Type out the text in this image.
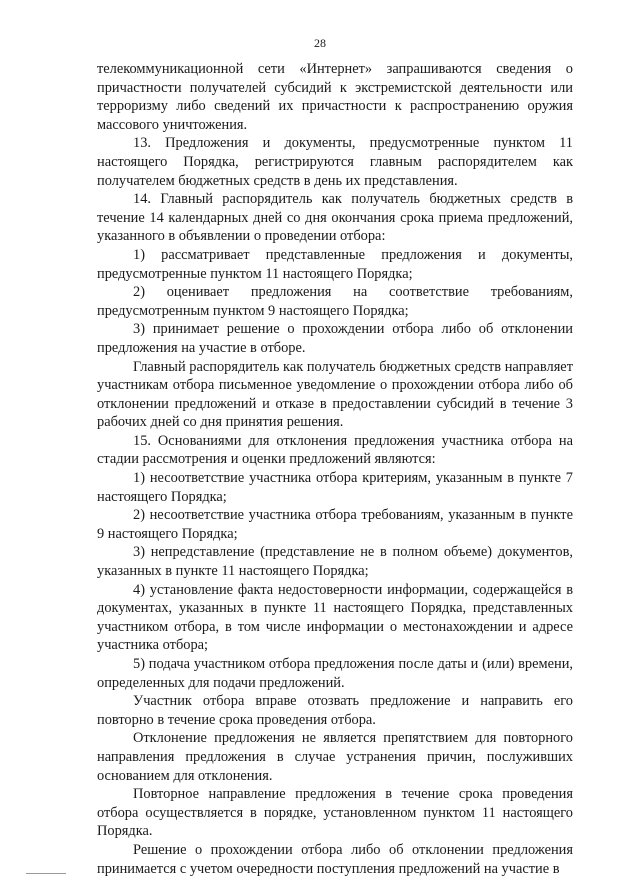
28

телекоммуникационной сети «Интернет» запрашиваются сведения о причастности получателей субсидий к экстремистской деятельности или терроризму либо сведений их причастности к распространению оружия массового уничтожения.

13. Предложения и документы, предусмотренные пунктом 11 настоящего Порядка, регистрируются главным распорядителем как получателем бюджетных средств в день их представления.

14. Главный распорядитель как получатель бюджетных средств в течение 14 календарных дней со дня окончания срока приема предложений, указанного в объявлении о проведении отбора:

1) рассматривает представленные предложения и документы, предусмотренные пунктом 11 настоящего Порядка;

2) оценивает предложения на соответствие требованиям, предусмотренным пунктом 9 настоящего Порядка;

3) принимает решение о прохождении отбора либо об отклонении предложения на участие в отборе.

Главный распорядитель как получатель бюджетных средств направляет участникам отбора письменное уведомление о прохождении отбора либо об отклонении предложений и отказе в предоставлении субсидий в течение 3 рабочих дней со дня принятия решения.

15. Основаниями для отклонения предложения участника отбора на стадии рассмотрения и оценки предложений являются:

1) несоответствие участника отбора критериям, указанным в пункте 7 настоящего Порядка;

2) несоответствие участника отбора требованиям, указанным в пункте 9 настоящего Порядка;

3) непредставление (представление не в полном объеме) документов, указанных в пункте 11 настоящего Порядка;

4) установление факта недостоверности информации, содержащейся в документах, указанных в пункте 11 настоящего Порядка, представленных участником отбора, в том числе информации о местонахождении и адресе участника отбора;

5) подача участником отбора предложения после даты и (или) времени, определенных для подачи предложений.

Участник отбора вправе отозвать предложение и направить его повторно в течение срока проведения отбора.

Отклонение предложения не является препятствием для повторного направления предложения в случае устранения причин, послуживших основанием для отклонения.

Повторное направление предложения в течение срока проведения отбора осуществляется в порядке, установленном пунктом 11 настоящего Порядка.

Решение о прохождении отбора либо об отклонении предложения принимается с учетом очередности поступления предложений на участие в
